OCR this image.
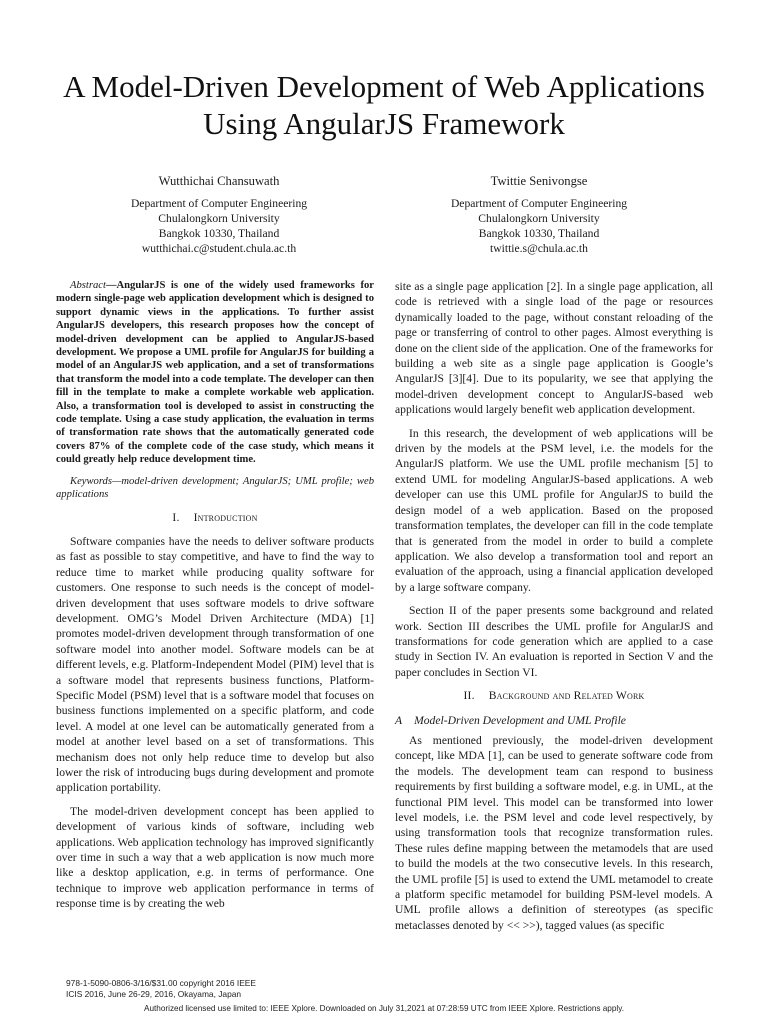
A Model-Driven Development of Web Applications
Using AngularJS Framework
Wutthichai Chansuwath
Department of Computer Engineering
Chulalongkorn University
Bangkok 10330, Thailand
wutthichai.c@student.chula.ac.th
Twittie Senivongse
Department of Computer Engineering
Chulalongkorn University
Bangkok 10330, Thailand
twittie.s@chula.ac.th

Abstract—AngularJS is one of the widely used frameworks for modern single-page web application development which is designed to support dynamic views in the applications. To further assist AngularJS developers, this research proposes how the concept of model-driven development can be applied to AngularJS-based development. We propose a UML profile for AngularJS for building a model of an AngularJS web application, and a set of transformations that transform the model into a code template. The developer can then fill in the template to make a complete workable web application. Also, a transformation tool is developed to assist in constructing the code template. Using a case study application, the evaluation in terms of transformation rate shows that the automatically generated code covers 87% of the complete code of the case study, which means it could greatly help reduce development time.

Keywords—model-driven development; AngularJS; UML profile; web applications

I. Introduction

Software companies have the needs to deliver software products as fast as possible to stay competitive, and have to find the way to reduce time to market while producing quality software for customers. One response to such needs is the concept of model-driven development that uses software models to drive software development. OMG’s Model Driven Architecture (MDA) [1] promotes model-driven development through transformation of one software model into another model. Software models can be at different levels, e.g. Platform-Independent Model (PIM) level that is a software model that represents business functions, Platform-Specific Model (PSM) level that is a software model that focuses on business functions implemented on a specific platform, and code level. A model at one level can be automatically generated from a model at another level based on a set of transformations. This mechanism does not only help reduce time to develop but also lower the risk of introducing bugs during development and promote application portability.

The model-driven development concept has been applied to development of various kinds of software, including web applications. Web application technology has improved significantly over time in such a way that a web application is now much more like a desktop application, e.g. in terms of performance. One technique to improve web application performance in terms of response time is by creating the web

site as a single page application [2]. In a single page application, all code is retrieved with a single load of the page or resources dynamically loaded to the page, without constant reloading of the page or transferring of control to other pages. Almost everything is done on the client side of the application. One of the frameworks for building a web site as a single page application is Google’s AngularJS [3][4]. Due to its popularity, we see that applying the model-driven development concept to AngularJS-based web applications would largely benefit web application development.

In this research, the development of web applications will be driven by the models at the PSM level, i.e. the models for the AngularJS platform. We use the UML profile mechanism [5] to extend UML for modeling AngularJS-based applications. A web developer can use this UML profile for AngularJS to build the design model of a web application. Based on the proposed transformation templates, the developer can fill in the code template that is generated from the model in order to build a complete application. We also develop a transformation tool and report an evaluation of the approach, using a financial application developed by a large software company.

Section II of the paper presents some background and related work. Section III describes the UML profile for AngularJS and transformations for code generation which are applied to a case study in Section IV. An evaluation is reported in Section V and the paper concludes in Section VI.

II. Background and Related Work
A Model-Driven Development and UML Profile

As mentioned previously, the model-driven development concept, like MDA [1], can be used to generate software code from the models. The development team can respond to business requirements by first building a software model, e.g. in UML, at the functional PIM level. This model can be transformed into lower level models, i.e. the PSM level and code level respectively, by using transformation tools that recognize transformation rules. These rules define mapping between the metamodels that are used to build the models at the two consecutive levels. In this research, the UML profile [5] is used to extend the UML metamodel to create a platform specific metamodel for building PSM-level models. A UML profile allows a definition of stereotypes (as specific metaclasses denoted by << >>), tagged values (as specific

978-1-5090-0806-3/16/$31.00 copyright 2016 IEEE
ICIS 2016, June 26-29, 2016, Okayama, Japan
Authorized licensed use limited to: IEEE Xplore. Downloaded on July 31,2021 at 07:28:59 UTC from IEEE Xplore. Restrictions apply.
